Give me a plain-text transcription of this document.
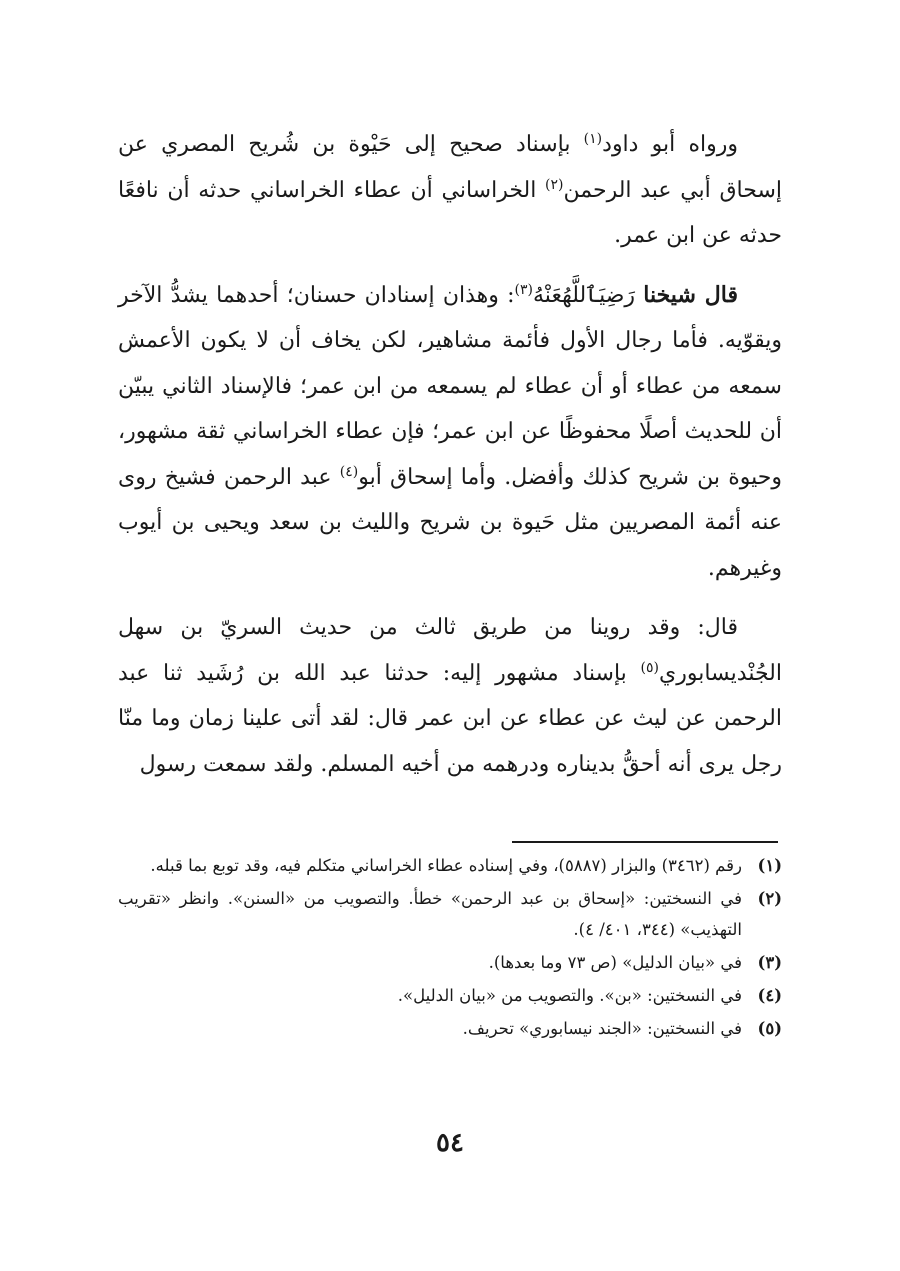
ورواه أبو داود$^{(١)}$ بإسناد صحيح إلى حَيْوة بن شُريح المصري عن إسحاق أبي عبد الرحمن$^{(٢)}$ الخراساني أن عطاء الخراساني حدثه أن نافعًا حدثه عن ابن عمر.

قال شيخنا رَضِيَٱللَّهُعَنْهُ$^{(٣)}$: وهذان إسنادان حسنان؛ أحدهما يشدُّ الآخر ويقوّيه. فأما رجال الأول فأئمة مشاهير، لكن يخاف أن لا يكون الأعمش سمعه من عطاء أو أن عطاء لم يسمعه من ابن عمر؛ فالإسناد الثاني يبيّن أن للحديث أصلًا محفوظًا عن ابن عمر؛ فإن عطاء الخراساني ثقة مشهور، وحيوة بن شريح كذلك وأفضل. وأما إسحاق أبو$^{(٤)}$ عبد الرحمن فشيخ روى عنه أئمة المصريين مثل حَيوة بن شريح والليث بن سعد ويحيى بن أيوب وغيرهم.

قال: وقد روينا من طريق ثالث من حديث السريّ بن سهل الجُنْديسابوري$^{(٥)}$ بإسناد مشهور إليه: حدثنا عبد الله بن رُشَيد ثنا عبد الرحمن عن ليث عن عطاء عن ابن عمر قال: لقد أتى علينا زمان وما منّا رجل يرى أنه أحقُّ بديناره ودرهمه من أخيه المسلم. ولقد سمعت رسول

(١)
رقم (٣٤٦٢) والبزار (٥٨٨٧)، وفي إسناده عطاء الخراساني متكلم فيه، وقد توبع بما قبله.
(٢)
في النسختين: «إسحاق بن عبد الرحمن» خطأ. والتصويب من «السنن». وانظر «تقريب التهذيب» (٣٤٤، ٤٠١/ ٤).
(٣)
في «بيان الدليل» (ص ٧٣ وما بعدها).
(٤)
في النسختين: «بن». والتصويب من «بيان الدليل».
(٥)
في النسختين: «الجند نيسابوري» تحريف.
٥٤
